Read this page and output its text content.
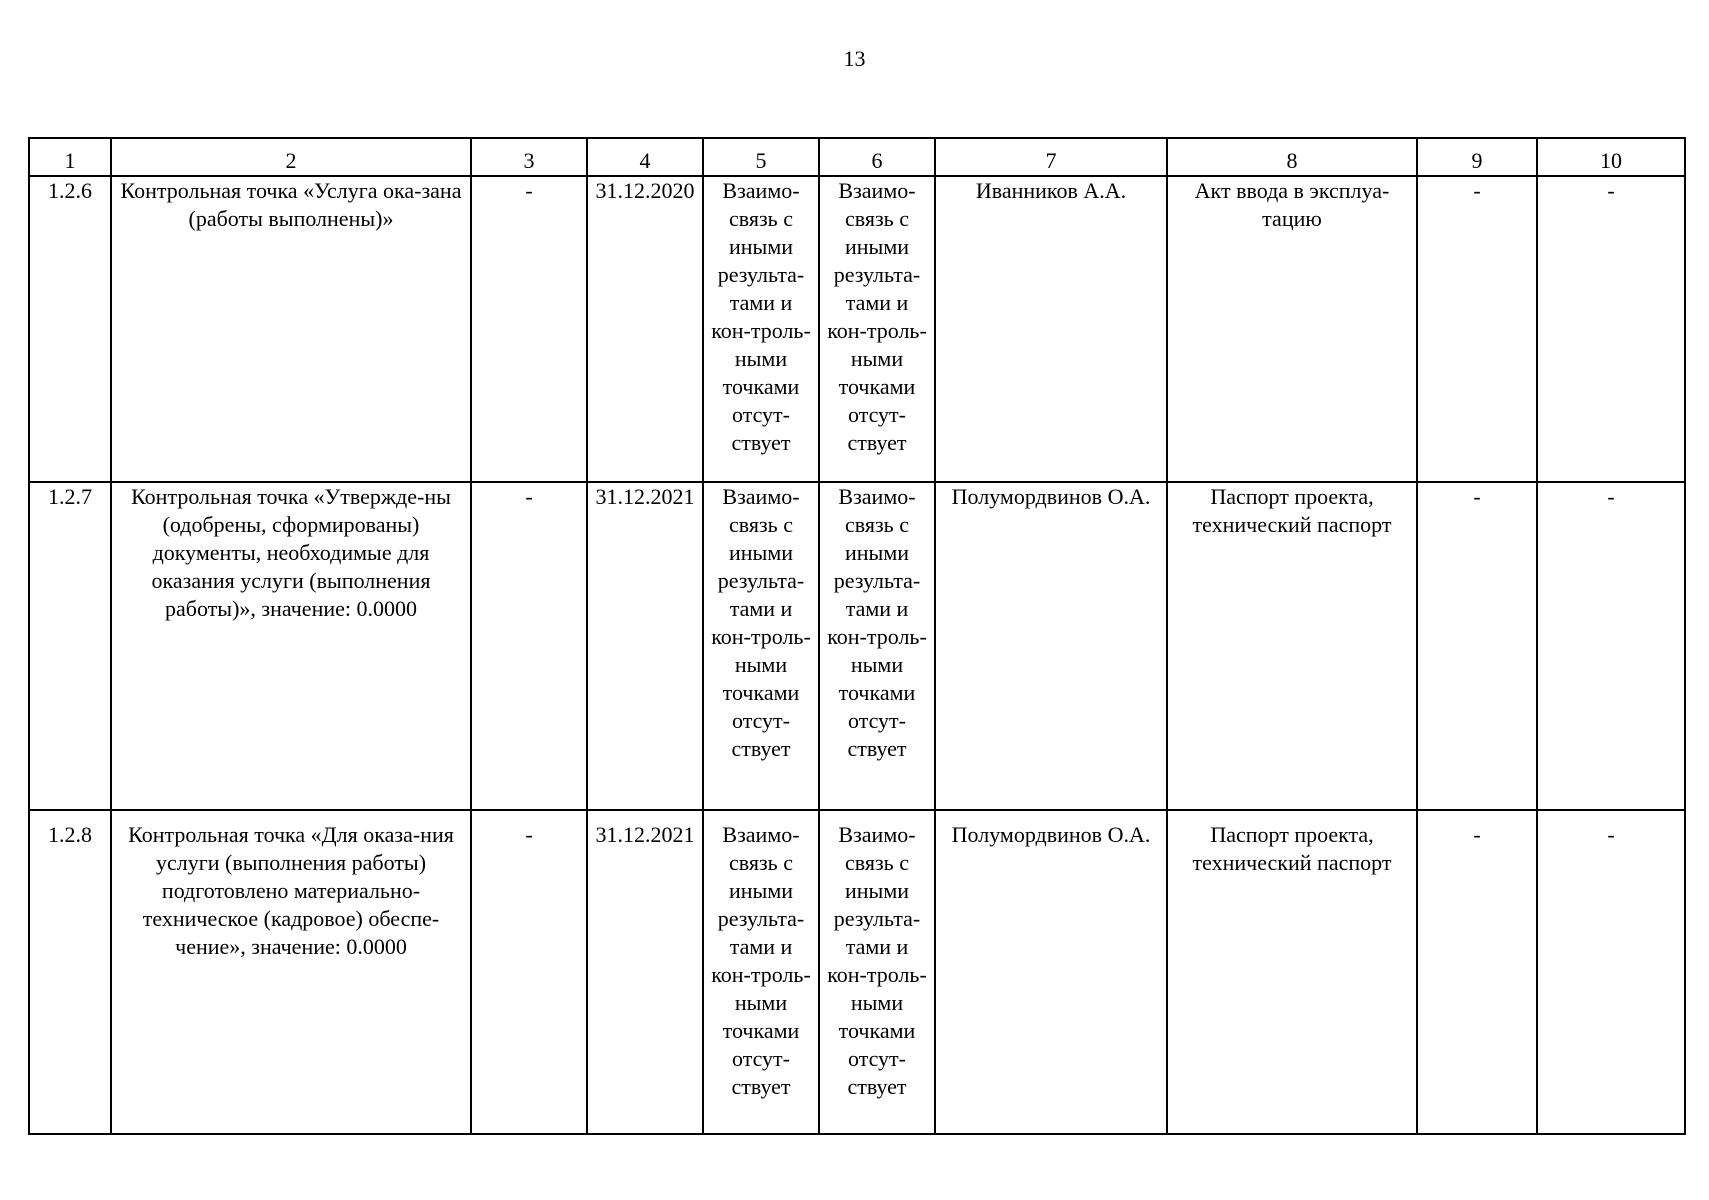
13
1	2	3	4	5	6	7	8	9	10
1.2.6	Контрольная точка «Услуга ока-зана (работы выполнены)»	-	31.12.2020	Взаимо-связь с иными результа-тами и кон-троль-ными точками отсут-ствует	Взаимо-связь с иными результа-тами и кон-троль-ными точками отсут-ствует	Иванников А.А.	Акт ввода в эксплуа-тацию	-	-
1.2.7	Контрольная точка «Утвержде-ны (одобрены, сформированы) документы, необходимые для оказания услуги (выполнения работы)», значение: 0.0000	-	31.12.2021	Взаимо-связь с иными результа-тами и кон-троль-ными точками отсут-ствует	Взаимо-связь с иными результа-тами и кон-троль-ными точками отсут-ствует	Полумордвинов О.А.	Паспорт проекта, технический паспорт	-	-
1.2.8	Контрольная точка «Для оказа-ния услуги (выполнения работы) подготовлено материально-техническое (кадровое) обеспе-чение», значение: 0.0000	-	31.12.2021	Взаимо-связь с иными результа-тами и кон-троль-ными точками отсут-ствует	Взаимо-связь с иными результа-тами и кон-троль-ными точками отсут-ствует	Полумордвинов О.А.	Паспорт проекта, технический паспорт	-	-
